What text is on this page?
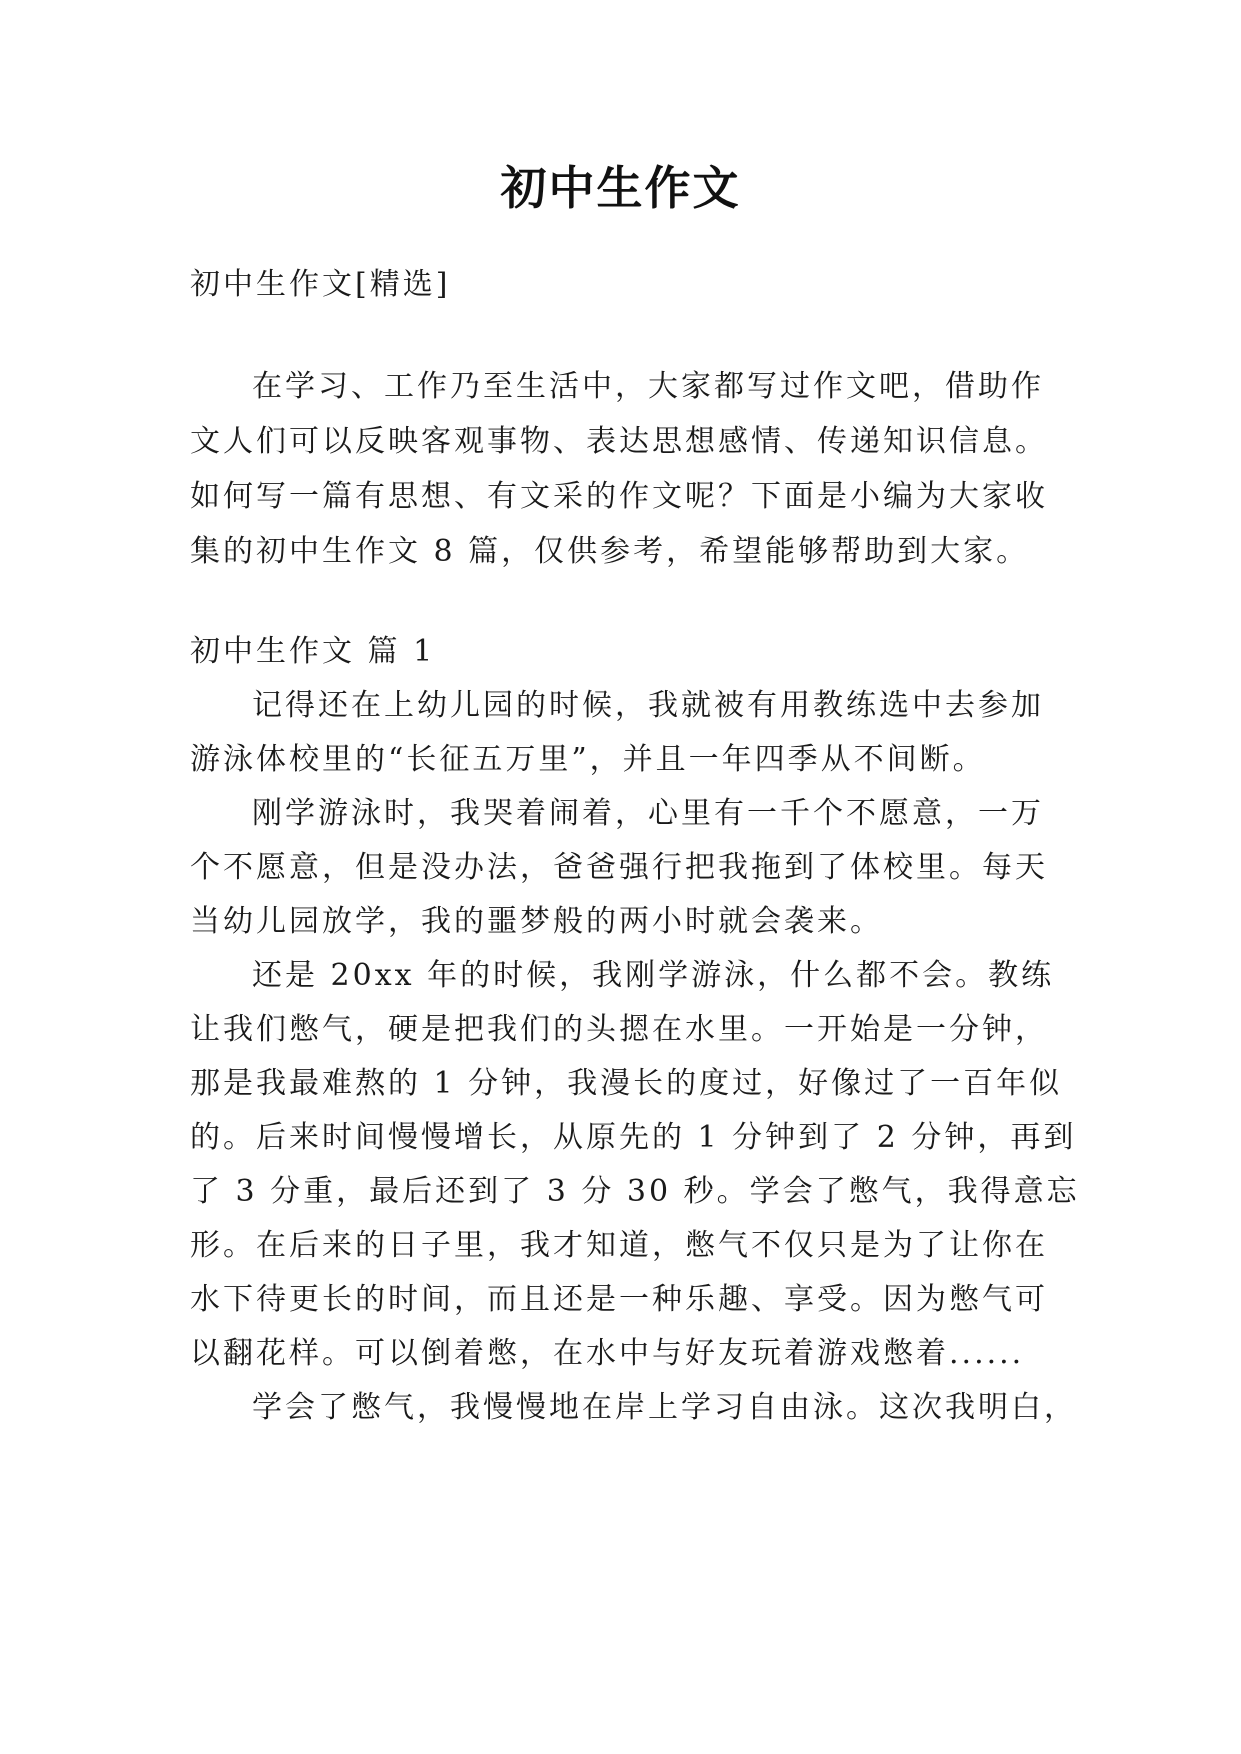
初中生作文
初中生作文[精选]
在学习、工作乃至生活中，大家都写过作文吧，借助作
文人们可以反映客观事物、表达思想感情、传递知识信息。
如何写一篇有思想、有文采的作文呢？下面是小编为大家收
集的初中生作文 8 篇，仅供参考，希望能够帮助到大家。
初中生作文 篇 1
记得还在上幼儿园的时候，我就被有用教练选中去参加
游泳体校里的“长征五万里”，并且一年四季从不间断。
刚学游泳时，我哭着闹着，心里有一千个不愿意，一万
个不愿意，但是没办法，爸爸强行把我拖到了体校里。每天
当幼儿园放学，我的噩梦般的两小时就会袭来。
还是 20xx 年的时候，我刚学游泳，什么都不会。教练
让我们憋气，硬是把我们的头摁在水里。一开始是一分钟，
那是我最难熬的 1 分钟，我漫长的度过，好像过了一百年似
的。后来时间慢慢增长，从原先的 1 分钟到了 2 分钟，再到
了 3 分重，最后还到了 3 分 30 秒。学会了憋气，我得意忘
形。在后来的日子里，我才知道，憋气不仅只是为了让你在
水下待更长的时间，而且还是一种乐趣、享受。因为憋气可
以翻花样。可以倒着憋，在水中与好友玩着游戏憋着......
学会了憋气，我慢慢地在岸上学习自由泳。这次我明白，
